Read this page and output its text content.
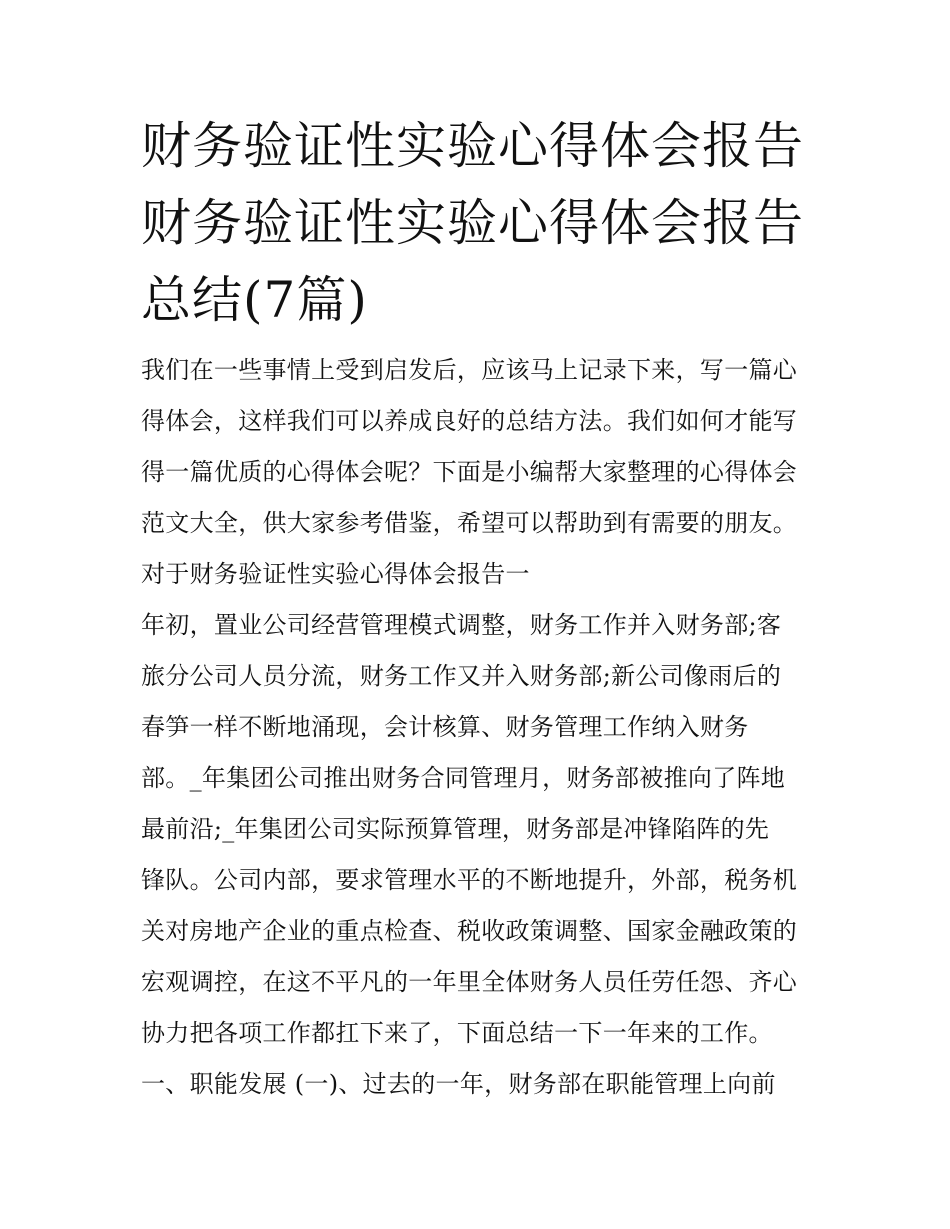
财务验证性实验心得体会报告
财务验证性实验心得体会报告
总结(7篇)
我们在一些事情上受到启发后，应该马上记录下来，写一篇心
得体会，这样我们可以养成良好的总结方法。我们如何才能写
得一篇优质的心得体会呢？下面是小编帮大家整理的心得体会
范文大全，供大家参考借鉴，希望可以帮助到有需要的朋友。
对于财务验证性实验心得体会报告一
年初，置业公司经营管理模式调整，财务工作并入财务部;客
旅分公司人员分流，财务工作又并入财务部;新公司像雨后的
春笋一样不断地涌现，会计核算、财务管理工作纳入财务
部。_年集团公司推出财务合同管理月，财务部被推向了阵地
最前沿;_年集团公司实际预算管理，财务部是冲锋陷阵的先
锋队。公司内部，要求管理水平的不断地提升，外部，税务机
关对房地产企业的重点检查、税收政策调整、国家金融政策的
宏观调控，在这不平凡的一年里全体财务人员任劳任怨、齐心
协力把各项工作都扛下来了，下面总结一下一年来的工作。
一、职能发展 (一)、过去的一年，财务部在职能管理上向前
